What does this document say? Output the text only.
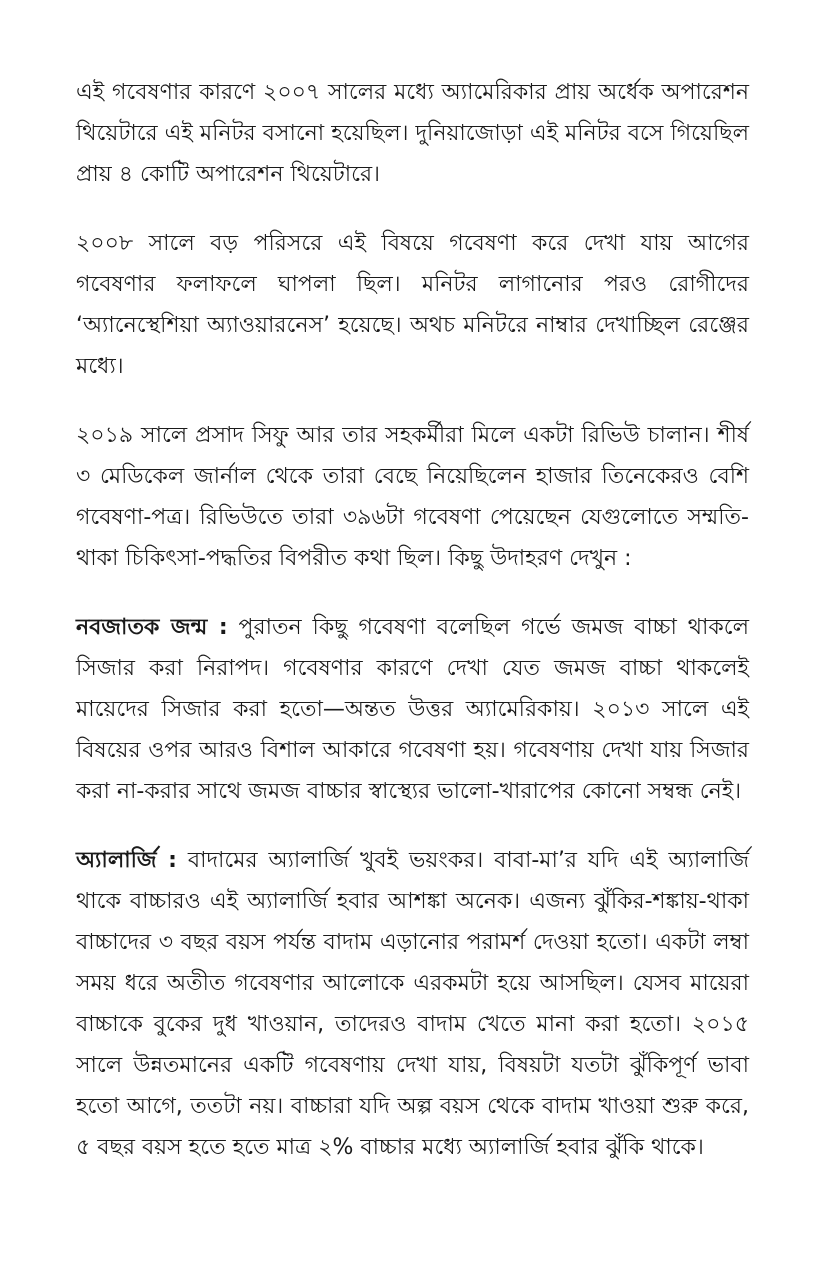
এই গবেষণার কারণে ২০০৭ সালের মধ্যে অ্যামেরিকার প্রায় অর্ধেক অপারেশন থিয়েটারে এই মনিটর বসানো হয়েছিল। দুনিয়াজোড়া এই মনিটর বসে গিয়েছিল প্রায় ৪ কোটি অপারেশন থিয়েটারে।

২০০৮ সালে বড় পরিসরে এই বিষয়ে গবেষণা করে দেখা যায় আগের গবেষণার ফলাফলে ঘাপলা ছিল। মনিটর লাগানোর পরও রোগীদের ‘অ্যানেস্থেশিয়া অ্যাওয়ারনেস’ হয়েছে। অথচ মনিটরে নাম্বার দেখাচ্ছিল রেঞ্জের মধ্যে।

২০১৯ সালে প্রসাদ সিফু আর তার সহকর্মীরা মিলে একটা রিভিউ চালান। শীর্ষ ৩ মেডিকেল জার্নাল থেকে তারা বেছে নিয়েছিলেন হাজার তিনেকেরও বেশি গবেষণা-পত্র। রিভিউতে তারা ৩৯৬টা গবেষণা পেয়েছেন যেগুলোতে সম্মতি-থাকা চিকিৎসা-পদ্ধতির বিপরীত কথা ছিল। কিছু উদাহরণ দেখুন :

নবজাতক জন্ম : পুরাতন কিছু গবেষণা বলেছিল গর্ভে জমজ বাচ্চা থাকলে সিজার করা নিরাপদ। গবেষণার কারণে দেখা যেত জমজ বাচ্চা থাকলেই মায়েদের সিজার করা হতো—অন্তত উত্তর অ্যামেরিকায়। ২০১৩ সালে এই বিষয়ের ওপর আরও বিশাল আকারে গবেষণা হয়। গবেষণায় দেখা যায় সিজার করা না-করার সাথে জমজ বাচ্চার স্বাস্থ্যের ভালো-খারাপের কোনো সম্বন্ধ নেই।

অ্যালার্জি : বাদামের অ্যালার্জি খুবই ভয়ংকর। বাবা-মা’র যদি এই অ্যালার্জি থাকে বাচ্চারও এই অ্যালার্জি হবার আশঙ্কা অনেক। এজন্য ঝুঁকির-শঙ্কায়-থাকা বাচ্চাদের ৩ বছর বয়স পর্যন্ত বাদাম এড়ানোর পরামর্শ দেওয়া হতো। একটা লম্বা সময় ধরে অতীত গবেষণার আলোকে এরকমটা হয়ে আসছিল। যেসব মায়েরা বাচ্চাকে বুকের দুধ খাওয়ান, তাদেরও বাদাম খেতে মানা করা হতো। ২০১৫ সালে উন্নতমানের একটি গবেষণায় দেখা যায়, বিষয়টা যতটা ঝুঁকিপূর্ণ ভাবা হতো আগে, ততটা নয়। বাচ্চারা যদি অল্প বয়স থেকে বাদাম খাওয়া শুরু করে, ৫ বছর বয়স হতে হতে মাত্র ২% বাচ্চার মধ্যে অ্যালার্জি হবার ঝুঁকি থাকে।
